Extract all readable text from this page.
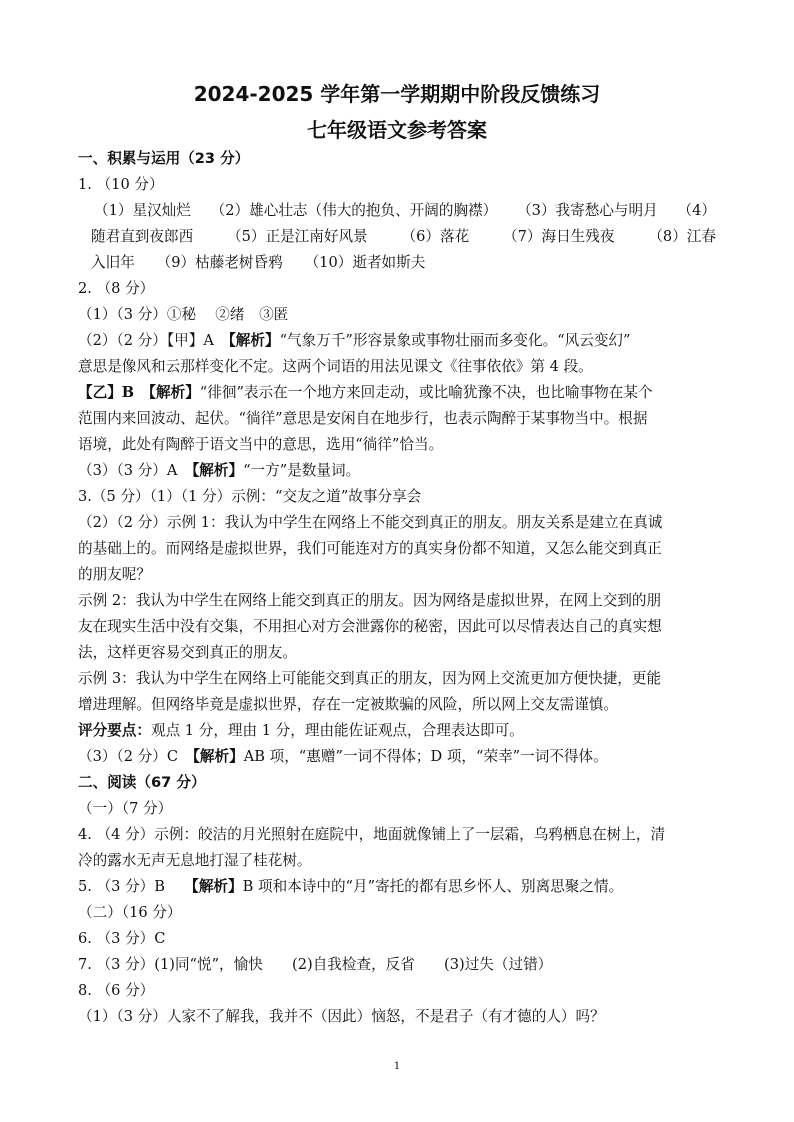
2024-2025 学年第一学期期中阶段反馈练习
七年级语文参考答案
一、积累与运用（23 分）
1. （10 分）
（1）星汉灿烂 （2）雄心壮志（伟大的抱负、开阔的胸襟） （3）我寄愁心与明月 （4）
随君直到夜郎西 （5）正是江南好风景 （6）落花 （7）海日生残夜 （8）江春
入旧年　　（9）枯藤老树昏鸦　　（10）逝者如斯夫
2. （8 分）
（1）（3 分）①秘　 ②绪　③匿
（2）（2 分）【甲】A　【解析】“气象万千”形容景象或事物壮丽而多变化。“风云变幻”
意思是像风和云那样变化不定。这两个词语的用法见课文《往事依依》第 4 段。
【乙】B　【解析】“徘徊”表示在一个地方来回走动，或比喻犹豫不决，也比喻事物在某个
范围内来回波动、起伏。“徜徉”意思是安闲自在地步行，也表示陶醉于某事物当中。根据
语境，此处有陶醉于语文当中的意思，选用“徜徉”恰当。
（3）（3 分）A　【解析】“一方”是数量词。
3.（5 分）（1）（1 分）示例：“交友之道”故事分享会
（2）（2 分）示例 1：我认为中学生在网络上不能交到真正的朋友。朋友关系是建立在真诚
的基础上的。而网络是虚拟世界，我们可能连对方的真实身份都不知道，又怎么能交到真正
的朋友呢？
示例 2：我认为中学生在网络上能交到真正的朋友。因为网络是虚拟世界，在网上交到的朋
友在现实生活中没有交集，不用担心对方会泄露你的秘密，因此可以尽情表达自己的真实想
法，这样更容易交到真正的朋友。
示例 3：我认为中学生在网络上可能能交到真正的朋友，因为网上交流更加方便快捷，更能
增进理解。但网络毕竟是虚拟世界，存在一定被欺骗的风险，所以网上交友需谨慎。
评分要点：观点 1 分，理由 1 分，理由能佐证观点，合理表达即可。
（3）（2 分）C　【解析】AB 项，“惠赠”一词不得体；D 项，“荣幸”一词不得体。
二、阅读（67 分）
（一）（7 分）
4. （4 分）示例：皎洁的月光照射在庭院中，地面就像铺上了一层霜，乌鸦栖息在树上，清
冷的露水无声无息地打湿了桂花树。
5. （3 分）B　 【解析】B 项和本诗中的“月”寄托的都有思乡怀人、别离思聚之情。
（二）（16 分）
6. （3 分）C
7. （3 分）(1)同“悦”，愉快　　(2)自我检查，反省　　(3)过失（过错）
8. （6 分）
（1）（3 分）人家不了解我，我并不（因此）恼怒，不是君子（有才德的人）吗？
1
